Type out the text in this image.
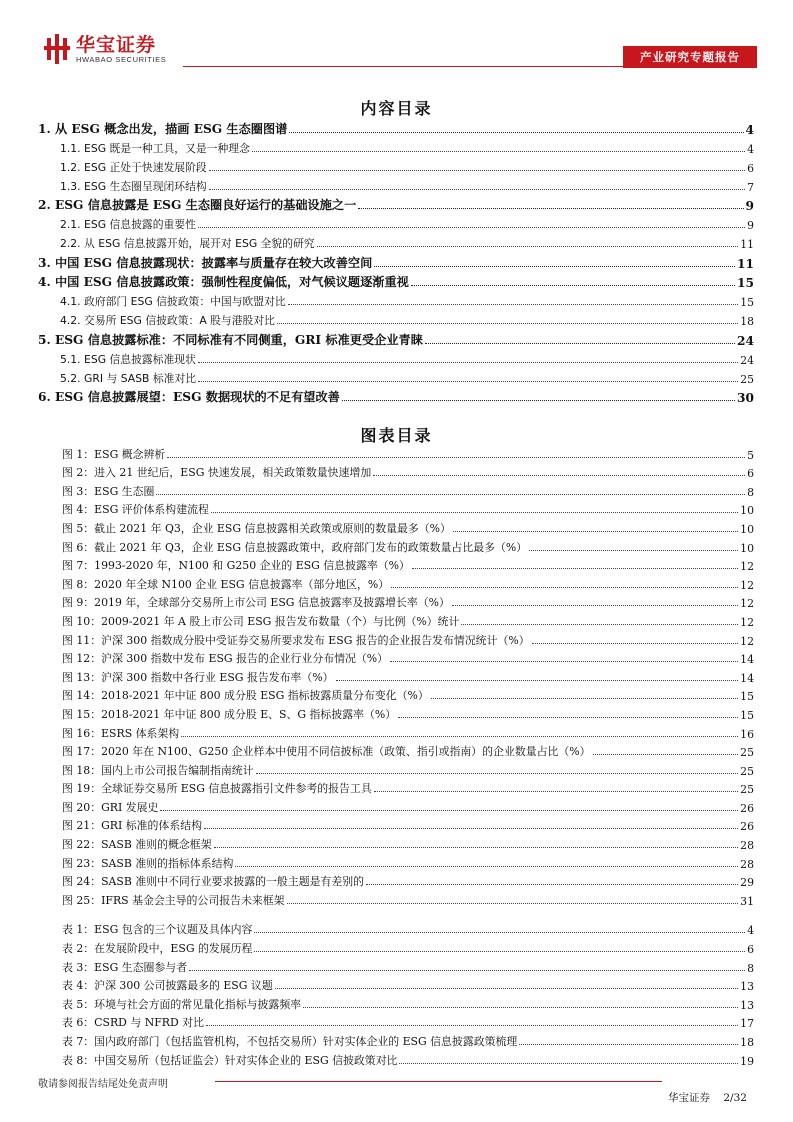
华宝证券
HWABAO SECURITIES	产业研究专题报告
内容目录
1. 从 ESG 概念出发，描画 ESG 生态圈图谱	4
1.1. ESG 既是一种工具，又是一种理念	4
1.2. ESG 正处于快速发展阶段	6
1.3. ESG 生态圈呈现闭环结构	7
2. ESG 信息披露是 ESG 生态圈良好运行的基础设施之一	9
2.1. ESG 信息披露的重要性	9
2.2. 从 ESG 信息披露开始，展开对 ESG 全貌的研究	11
3. 中国 ESG 信息披露现状：披露率与质量存在较大改善空间	11
4. 中国 ESG 信息披露政策：强制性程度偏低，对气候议题逐渐重视	15
4.1. 政府部门 ESG 信披政策：中国与欧盟对比	15
4.2. 交易所 ESG 信披政策：A 股与港股对比	18
5. ESG 信息披露标准：不同标准有不同侧重，GRI 标准更受企业青睐	24
5.1. ESG 信息披露标准现状	24
5.2. GRI 与 SASB 标准对比	25
6. ESG 信息披露展望：ESG 数据现状的不足有望改善	30
图表目录
图 1：ESG 概念辨析	5
图 2：进入 21 世纪后，ESG 快速发展，相关政策数量快速增加	6
图 3：ESG 生态圈	8
图 4：ESG 评价体系构建流程	10
图 5：截止 2021 年 Q3，企业 ESG 信息披露相关政策或原则的数量最多（%）	10
图 6：截止 2021 年 Q3，企业 ESG 信息披露政策中，政府部门发布的政策数量占比最多（%）	10
图 7：1993-2020 年，N100 和 G250 企业的 ESG 信息披露率（%）	12
图 8：2020 年全球 N100 企业 ESG 信息披露率（部分地区，%）	12
图 9：2019 年，全球部分交易所上市公司 ESG 信息披露率及披露增长率（%）	12
图 10：2009-2021 年 A 股上市公司 ESG 报告发布数量（个）与比例（%）统计	12
图 11：沪深 300 指数成分股中受证券交易所要求发布 ESG 报告的企业报告发布情况统计（%）	12
图 12：沪深 300 指数中发布 ESG 报告的企业行业分布情况（%）	14
图 13：沪深 300 指数中各行业 ESG 报告发布率（%）	14
图 14：2018-2021 年中证 800 成分股 ESG 指标披露质量分布变化（%）	15
图 15：2018-2021 年中证 800 成分股 E、S、G 指标披露率（%）	15
图 16：ESRS 体系架构	16
图 17：2020 年在 N100、G250 企业样本中使用不同信披标准（政策、指引或指南）的企业数量占比（%）	25
图 18：国内上市公司报告编制指南统计	25
图 19：全球证券交易所 ESG 信息披露指引文件参考的报告工具	25
图 20：GRI 发展史	26
图 21：GRI 标准的体系结构	26
图 22：SASB 准则的概念框架	28
图 23：SASB 准则的指标体系结构	28
图 24：SASB 准则中不同行业要求披露的一般主题是有差别的	29
图 25：IFRS 基金会主导的公司报告未来框架	31
表 1：ESG 包含的三个议题及具体内容	4
表 2：在发展阶段中，ESG 的发展历程	6
表 3：ESG 生态圈参与者	8
表 4：沪深 300 公司披露最多的 ESG 议题	13
表 5：环境与社会方面的常见量化指标与披露频率	13
表 6：CSRD 与 NFRD 对比	17
表 7：国内政府部门（包括监管机构，不包括交易所）针对实体企业的 ESG 信息披露政策梳理	18
表 8：中国交易所（包括证监会）针对实体企业的 ESG 信披政策对比	19
敬请参阅报告结尾处免责声明
华宝证券 2/32
